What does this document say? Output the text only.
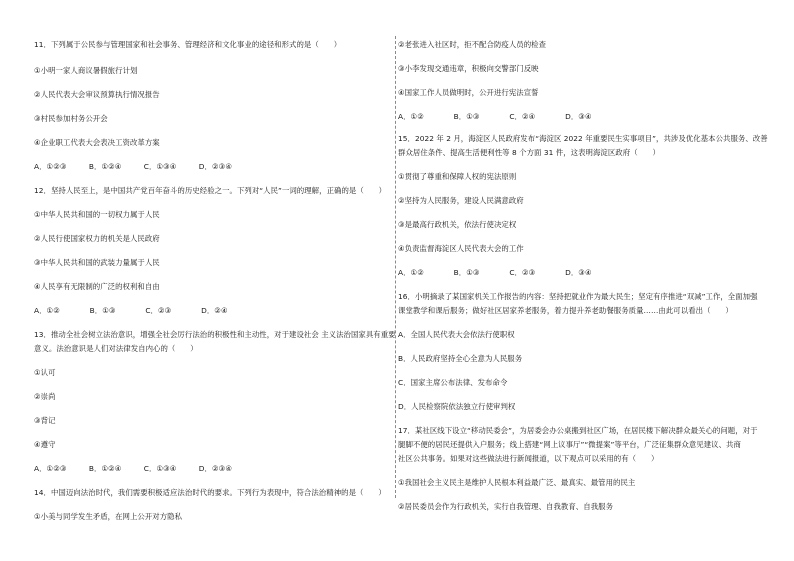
11．下列属于公民参与管理国家和社会事务、管理经济和文化事业的途径和形式的是（　　）
①小明一家人商议暑假旅行计划
②人民代表大会审议预算执行情况报告
③村民参加村务公开会
④企业职工代表大会表决工资改革方案
A．①②③　　　B．①②④　　　C．①③④　　　D．②③④
12．坚持人民至上，是中国共产党百年奋斗的历史经验之一。下列对“人民”一词的理解，正确的是（　　）
①中华人民共和国的一切权力属于人民
②人民行使国家权力的机关是人民政府
③中华人民共和国的武装力量属于人民
④人民享有无限制的广泛的权利和自由
A．①②　　　　B．①③　　　　C．②③　　　　D．②④
13．推动全社会树立法治意识，增强全社会厉行法治的积极性和主动性，对于建设社会 主义法治国家具有重要
意义。法治意识是人们对法律发自内心的（　　）
①认可
②崇尚
③背记
④遵守
A．①②③　　　B．①②④　　　C．①③④　　　D．②③④
14．中国迈向法治时代，我们需要积极适应法治时代的要求。下列行为表现中，符合法治精神的是（　　）
①小美与同学发生矛盾，在网上公开对方隐私
②老张进入社区时，拒不配合防疫人员的检查
③小李发现交通违章，积极向交警部门反映
④国家工作人员做明时，公开进行宪法宣誓
A．①②　　　　B．①③　　　　C．②④　　　　D．③④
15．2022 年 2 月，海淀区人民政府发布“海淀区 2022 年重要民生实事项目”，共涉及优化基本公共服务、改善
群众居住条件、提高生活便利性等 8 个方面 31 件，这表明海淀区政府（　　）
①贯彻了尊重和保障人权的宪法原则
②坚持为人民服务，建设人民满意政府
③是最高行政机关，依法行使决定权
④负责监督海淀区人民代表大会的工作
A．①②　　　　B．①③　　　　C．②③　　　　D．③④
16．小明摘录了某国家机关工作报告的内容：坚持把就业作为最大民生；坚定有序推进“双减”工作，全面加强
课堂教学和课后服务；做好社区居家养老服务，着力提升养老助餐服务质量……由此可以看出（　　）
A．全国人民代表大会依法行使职权
B．人民政府坚持全心全意为人民服务
C．国家主席公布法律、发布命令
D．人民检察院依法独立行使审判权
17．某社区线下设立“移动民委会”，为居委会办公桌搬到社区广场，在居民楼下解决群众最关心的问题，对于
腿脚不便的居民还提供入户服务；线上搭建“网上议事厅”“微提案”等平台，广泛征集群众意见建议、共商
社区公共事务。如果对这些做法进行新闻报道，以下观点可以采用的有（　　）
①我国社会主义民主是维护人民根本利益最广泛、最真实、最管用的民主
②居民委员会作为行政机关，实行自我管理、自我教育、自我服务
